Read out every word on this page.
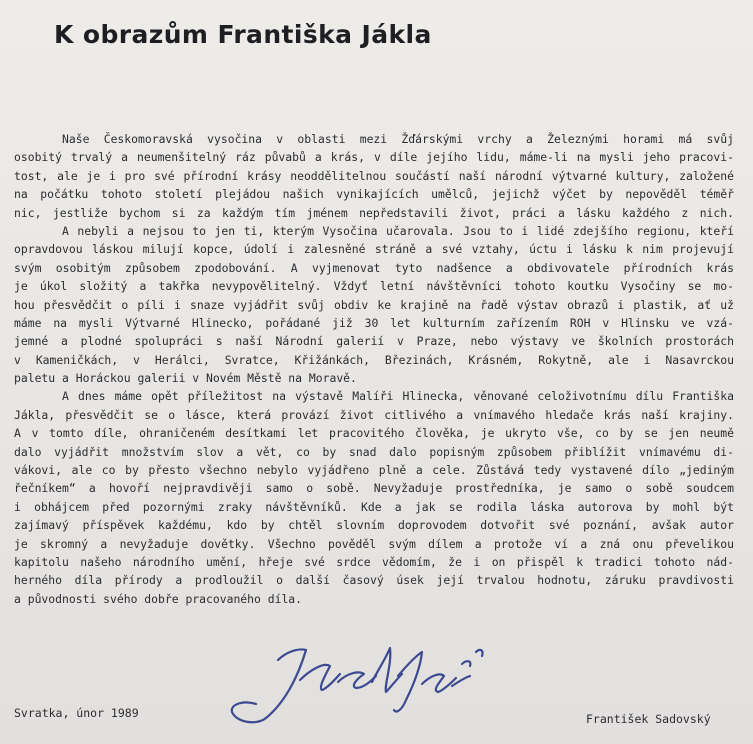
K obrazům Františka Jákla

Naše Českomoravská vysočina v oblasti mezi Žďárskými vrchy a Železnými horami má svůj
osobitý trvalý a neumenšitelný ráz půvabů a krás, v díle jejího lidu, máme-li na mysli jeho pracovi-
tost, ale je i pro své přírodní krásy neoddělitelnou součástí naší národní výtvarné kultury, založené
na počátku tohoto století plejádou našich vynikajících umělců, jejichž výčet by nepověděl téměř
nic, jestliže bychom si za každým tím jménem nepředstavili život, práci a lásku každého z nich.

A nebyli a nejsou to jen ti, kterým Vysočina učarovala. Jsou to i lidé zdejšího regionu, kteří
opravdovou láskou milují kopce, údolí i zalesněné stráně a své vztahy, úctu i lásku k nim projevují
svým osobitým způsobem zpodobování. A vyjmenovat tyto nadšence a obdivovatele přírodních krás
je úkol složitý a takřka nevypovělitelný. Vždyť letní návštěvníci tohoto koutku Vysočiny se mo-
hou přesvědčit o píli i snaze vyjádřit svůj obdiv ke krajině na řadě výstav obrazů i plastik, ať už
máme na mysli Výtvarné Hlinecko, pořádané již 30 let kulturním zařízením ROH v Hlinsku ve vzá-
jemné a plodné spolupráci s naší Národní galerií v Praze, nebo výstavy ve školních prostorách
v Kameničkách, v Herálci, Svratce, Křižánkách, Březinách, Krásném, Rokytně, ale i Nasavrckou
paletu a Horáckou galerii v Novém Městě na Moravě.

A dnes máme opět příležitost na výstavě Malíři Hlinecka, věnované celoživotnímu dílu Františka
Jákla, přesvědčit se o lásce, která provází život citlivého a vnímavého hledače krás naší krajiny.
A v tomto díle, ohraničeném desítkami let pracovitého člověka, je ukryto vše, co by se jen neumě
dalo vyjádřit množstvím slov a vět, co by snad dalo popisným způsobem přiblížit vnímavému di-
vákovi, ale co by přesto všechno nebylo vyjádřeno plně a cele. Zůstává tedy vystavené dílo „jediným
řečníkem“ a hovoří nejpravdivěji samo o sobě. Nevyžaduje prostředníka, je samo o sobě soudcem
i obhájcem před pozornými zraky návštěvníků. Kde a jak se rodila láska autorova by mohl být
zajímavý příspěvek každému, kdo by chtěl slovním doprovodem dotvořit své poznání, avšak autor
je skromný a nevyžaduje dovětky. Všechno pověděl svým dílem a protože ví a zná onu převelikou
kapitolu našeho národního umění, hřeje své srdce vědomím, že i on přispěl k tradici tohoto nád-
herného díla přírody a prodloužil o další časový úsek její trvalou hodnotu, záruku pravdivosti
a původnosti svého dobře pracovaného díla.

Svratka, únor 1989	František Sadovský
